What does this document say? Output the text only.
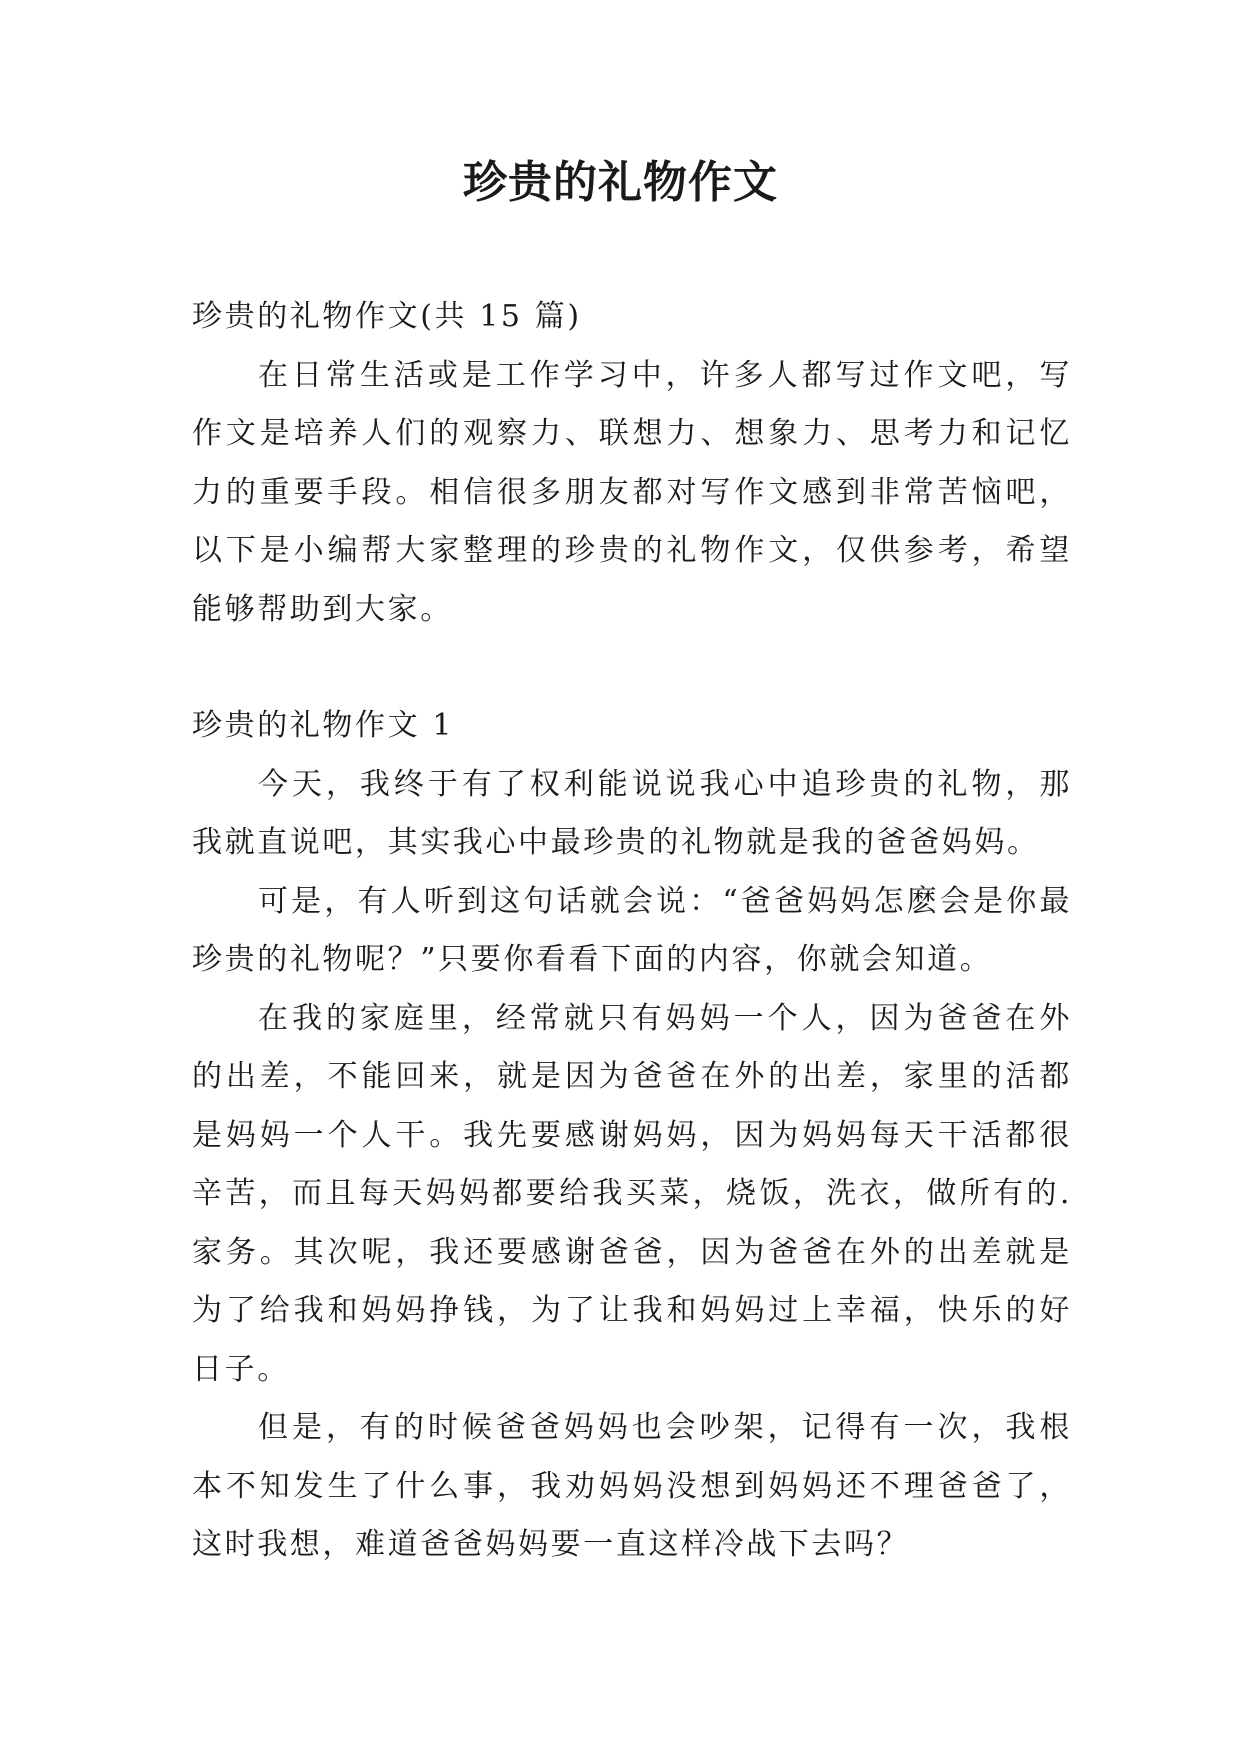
珍贵的礼物作文

珍贵的礼物作文(共 15 篇)

在日常生活或是工作学习中，许多人都写过作文吧，写作文是培养人们的观察力、联想力、想象力、思考力和记忆力的重要手段。相信很多朋友都对写作文感到非常苦恼吧，以下是小编帮大家整理的珍贵的礼物作文，仅供参考，希望能够帮助到大家。

珍贵的礼物作文 1

今天，我终于有了权利能说说我心中追珍贵的礼物，那我就直说吧，其实我心中最珍贵的礼物就是我的爸爸妈妈。

可是，有人听到这句话就会说：“爸爸妈妈怎麽会是你最珍贵的礼物呢？”只要你看看下面的内容，你就会知道。

在我的家庭里，经常就只有妈妈一个人，因为爸爸在外的出差，不能回来，就是因为爸爸在外的出差，家里的活都是妈妈一个人干。我先要感谢妈妈，因为妈妈每天干活都很辛苦，而且每天妈妈都要给我买菜，烧饭，洗衣，做所有的.家务。其次呢，我还要感谢爸爸，因为爸爸在外的出差就是为了给我和妈妈挣钱，为了让我和妈妈过上幸福，快乐的好日子。

但是，有的时候爸爸妈妈也会吵架，记得有一次，我根本不知发生了什么事，我劝妈妈没想到妈妈还不理爸爸了，这时我想，难道爸爸妈妈要一直这样冷战下去吗？
